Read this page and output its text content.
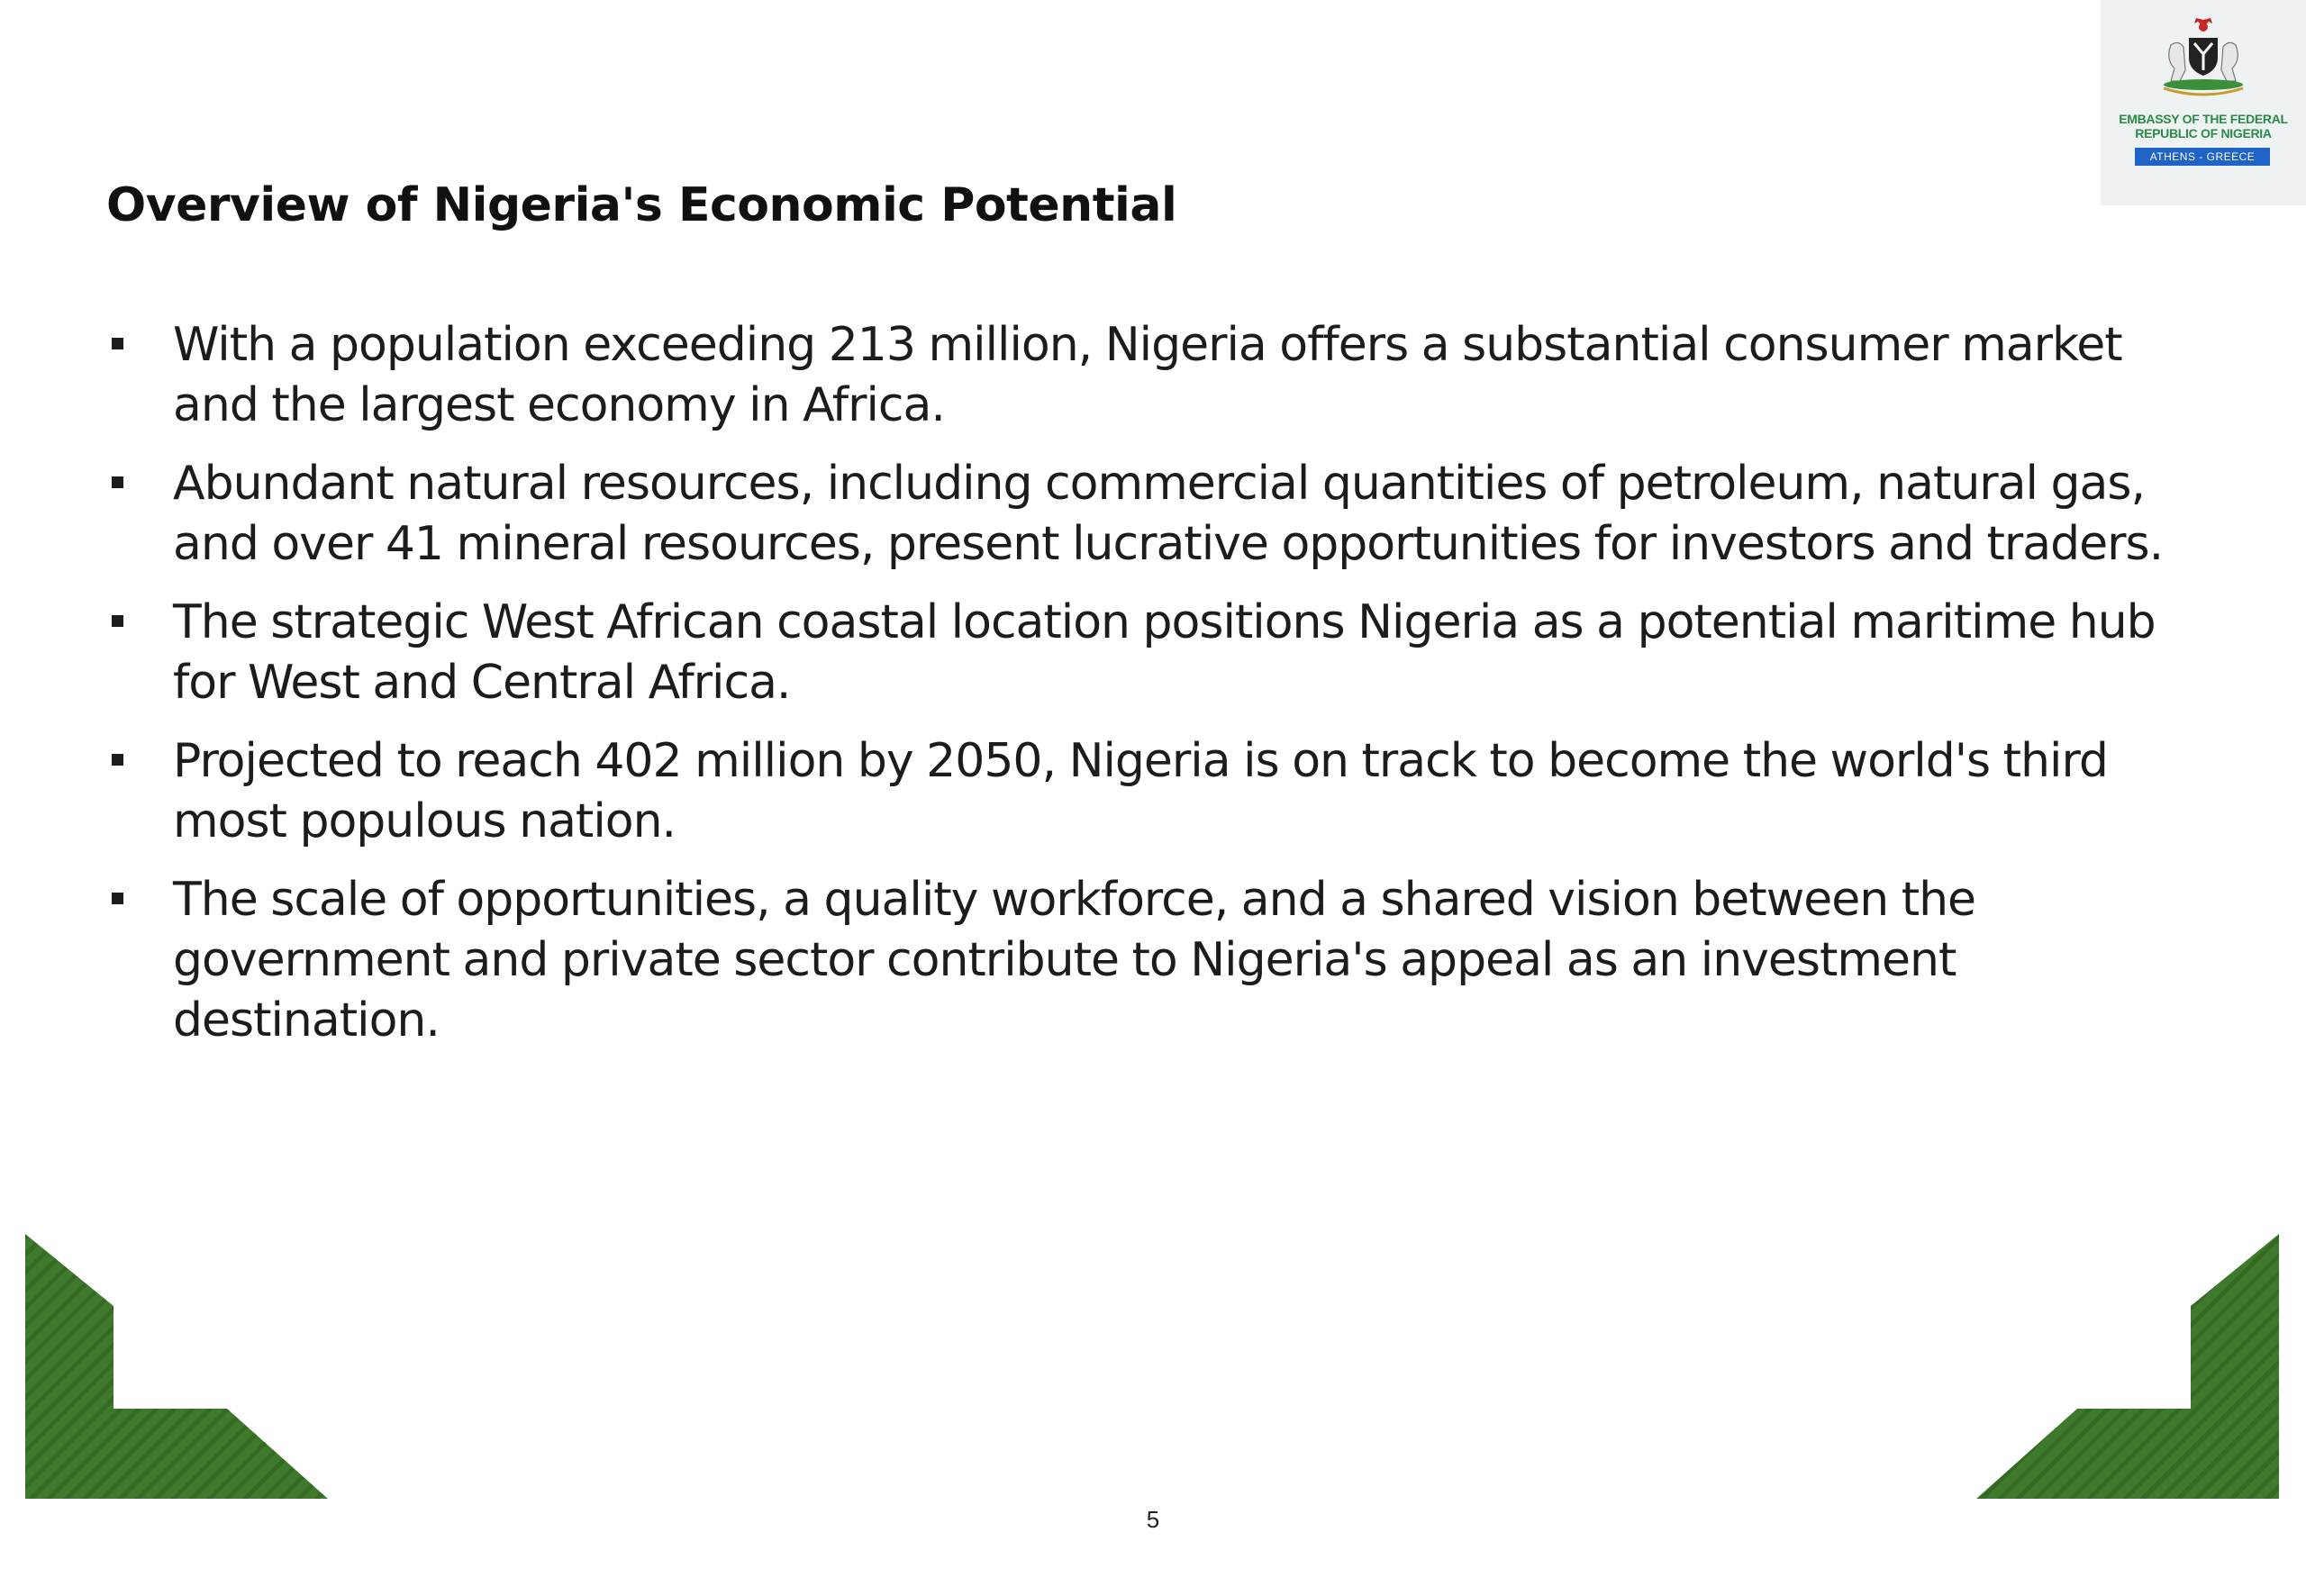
EMBASSY OF THE FEDERAL
REPUBLIC OF NIGERIA
ATHENS - GREECE
Overview of Nigeria's Economic Potential
With a population exceeding 213 million, Nigeria offers a substantial consumer market and the largest economy in Africa.
Abundant natural resources, including commercial quantities of petroleum, natural gas, and over 41 mineral resources, present lucrative opportunities for investors and traders.
The strategic West African coastal location positions Nigeria as a potential maritime hub for West and Central Africa.
Projected to reach 402 million by 2050, Nigeria is on track to become the world's third most populous nation.
The scale of opportunities, a quality workforce, and a shared vision between the government and private sector contribute to Nigeria's appeal as an investment destination.
5
